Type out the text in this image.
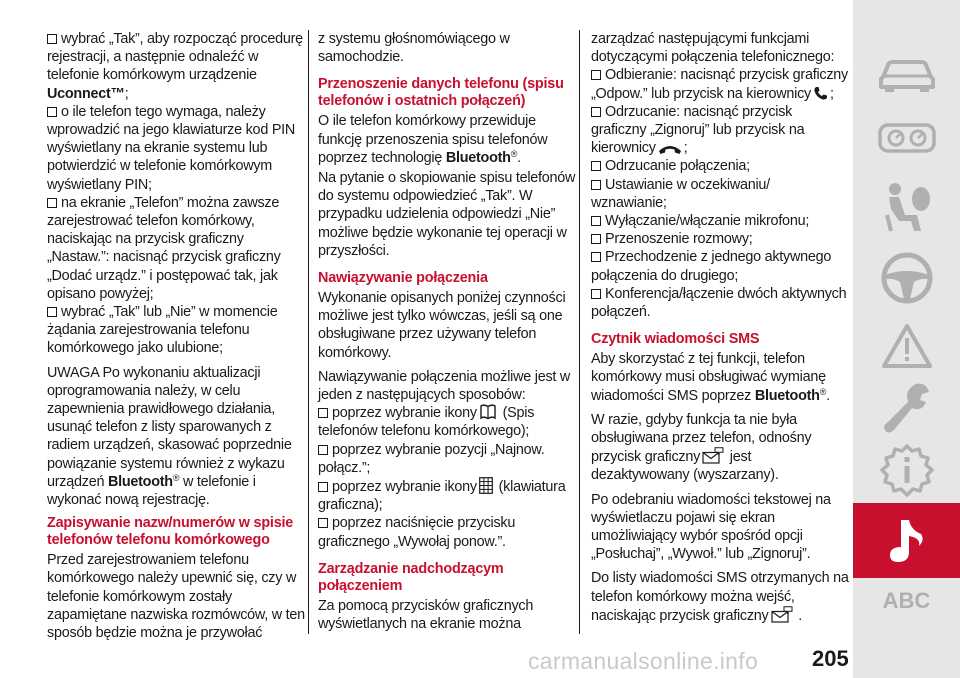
wybrać „Tak”, aby rozpocząć procedurę rejestracji, a następnie odnaleźć w telefonie komórkowym urządzenie Uconnect™;

o ile telefon tego wymaga, należy wprowadzić na jego klawiaturze kod PIN wyświetlany na ekranie systemu lub potwierdzić w telefonie komórkowym wyświetlany PIN;

na ekranie „Telefon” można zawsze zarejestrować telefon komórkowy, naciskając na przycisk graficzny „Nastaw.”: nacisnąć przycisk graficzny „Dodać urządz.” i postępować tak, jak opisano powyżej;

wybrać „Tak” lub „Nie” w momencie żądania zarejestrowania telefonu komórkowego jako ulubione;

UWAGA Po wykonaniu aktualizacji oprogramowania należy, w celu zapewnienia prawidłowego działania, usunąć telefon z listy sparowanych z radiem urządzeń, skasować poprzednie powiązanie systemu również z wykazu urządzeń Bluetooth® w telefonie i wykonać nową rejestrację.

Zapisywanie nazw/numerów w spisie telefonów telefonu komórkowego

Przed zarejestrowaniem telefonu komórkowego należy upewnić się, czy w telefonie komórkowym zostały zapamiętane nazwiska rozmówców, w ten sposób będzie można je przywołać

z systemu głośnomówiącego w samochodzie.

Przenoszenie danych telefonu (spisu telefonów i ostatnich połączeń)

O ile telefon komórkowy przewiduje funkcję przenoszenia spisu telefonów poprzez technologię Bluetooth®.

Na pytanie o skopiowanie spisu telefonów do systemu odpowiedzieć „Tak”. W przypadku udzielenia odpowiedzi „Nie” możliwe będzie wykonanie tej operacji w przyszłości.

Nawiązywanie połączenia

Wykonanie opisanych poniżej czynności możliwe jest tylko wówczas, jeśli są one obsługiwane przez używany telefon komórkowy.

Nawiązywanie połączenia możliwe jest w jeden z następujących sposobów:

poprzez wybranie ikony (Spis telefonów telefonu komórkowego);

poprzez wybranie pozycji „Najnow. połącz.”;

poprzez wybranie ikony (klawiatura graficzna);

poprzez naciśnięcie przycisku graficznego „Wywołaj ponow.”.

Zarządzanie nadchodzącym połączeniem

Za pomocą przycisków graficznych wyświetlanych na ekranie można

zarządzać następującymi funkcjami dotyczącymi połączenia telefonicznego:

Odbieranie: nacisnąć przycisk graficzny „Odpow.” lub przycisk na kierownicy ;

Odrzucanie: nacisnąć przycisk graficzny „Zignoruj” lub przycisk na kierownicy ;

Odrzucanie połączenia;

Ustawianie w oczekiwaniu/ wznawianie;

Wyłączanie/włączanie mikrofonu;

Przenoszenie rozmowy;

Przechodzenie z jednego aktywnego połączenia do drugiego;

Konferencja/łączenie dwóch aktywnych połączeń.

Czytnik wiadomości SMS

Aby skorzystać z tej funkcji, telefon komórkowy musi obsługiwać wymianę wiadomości SMS poprzez Bluetooth®.

W razie, gdyby funkcja ta nie była obsługiwana przez telefon, odnośny przycisk graficzny jest dezaktywowany (wyszarzany).

Po odebraniu wiadomości tekstowej na wyświetlaczu pojawi się ekran umożliwiający wybór spośród opcji „Posłuchaj”, „Wywoł.” lub „Zignoruj”.

Do listy wiadomości SMS otrzymanych na telefon komórkowy można wejść, naciskając przycisk graficzny .

ABC
205
carmanualsonline.info
